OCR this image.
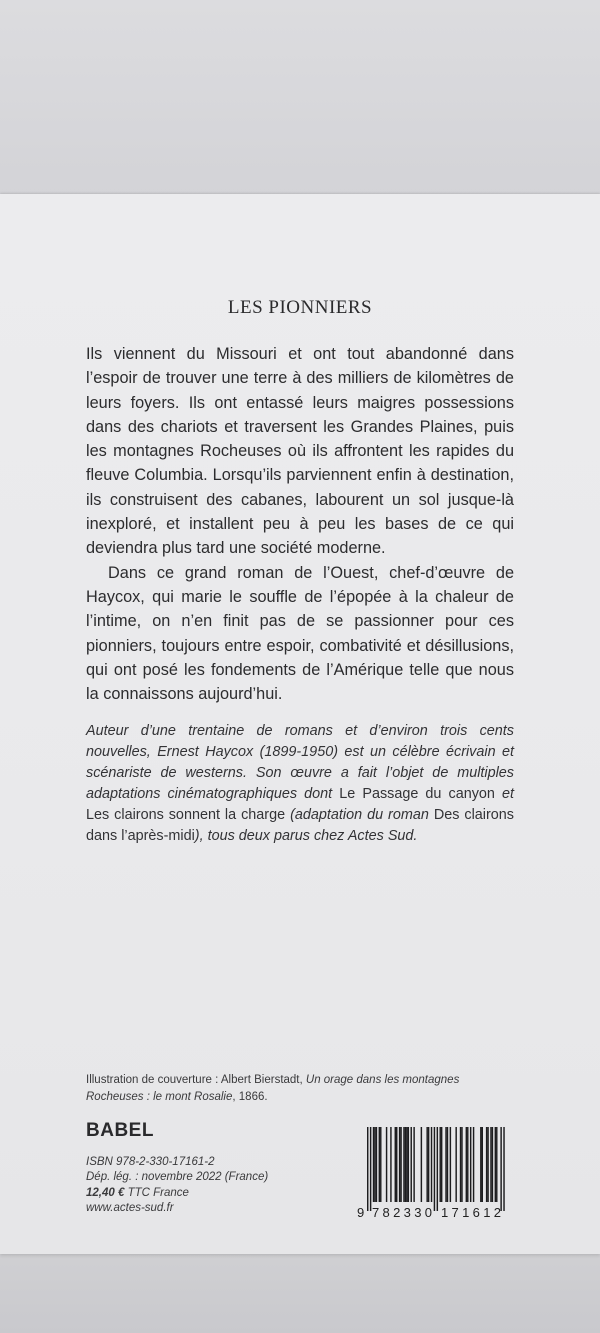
LES PIONNIERS

Ils viennent du Missouri et ont tout abandonné dans l’espoir de trouver une terre à des milliers de kilomètres de leurs foyers. Ils ont entassé leurs maigres possessions dans des chariots et traversent les Grandes Plaines, puis les montagnes Rocheuses où ils affrontent les rapides du fleuve Columbia. Lorsqu’ils parviennent enfin à destination, ils construisent des cabanes, labourent un sol jusque-là inexploré, et installent peu à peu les bases de ce qui deviendra plus tard une société moderne.

Dans ce grand roman de l’Ouest, chef-d’œuvre de Haycox, qui marie le souffle de l’épopée à la chaleur de l’intime, on n’en finit pas de se passionner pour ces pionniers, toujours entre espoir, combativité et désillusions, qui ont posé les fondements de l’Amérique telle que nous la connaissons aujourd’hui.

Auteur d’une trentaine de romans et d’environ trois cents nouvelles, Ernest Haycox (1899-1950) est un célèbre écrivain et scénariste de westerns. Son œuvre a fait l’objet de multiples adaptations cinématographiques dont Le Passage du canyon et Les clairons sonnent la charge (adaptation du roman Des clairons dans l’après-midi), tous deux parus chez Actes Sud.

Illustration de couverture : Albert Bierstadt, Un orage dans les montagnes Rocheuses : le mont Rosalie, 1866.
BABEL
ISBN 978-2-330-17161-2
Dép. lég. : novembre 2022 (France)
12,40 € TTC France
www.actes-sud.fr	9 782330 171612
